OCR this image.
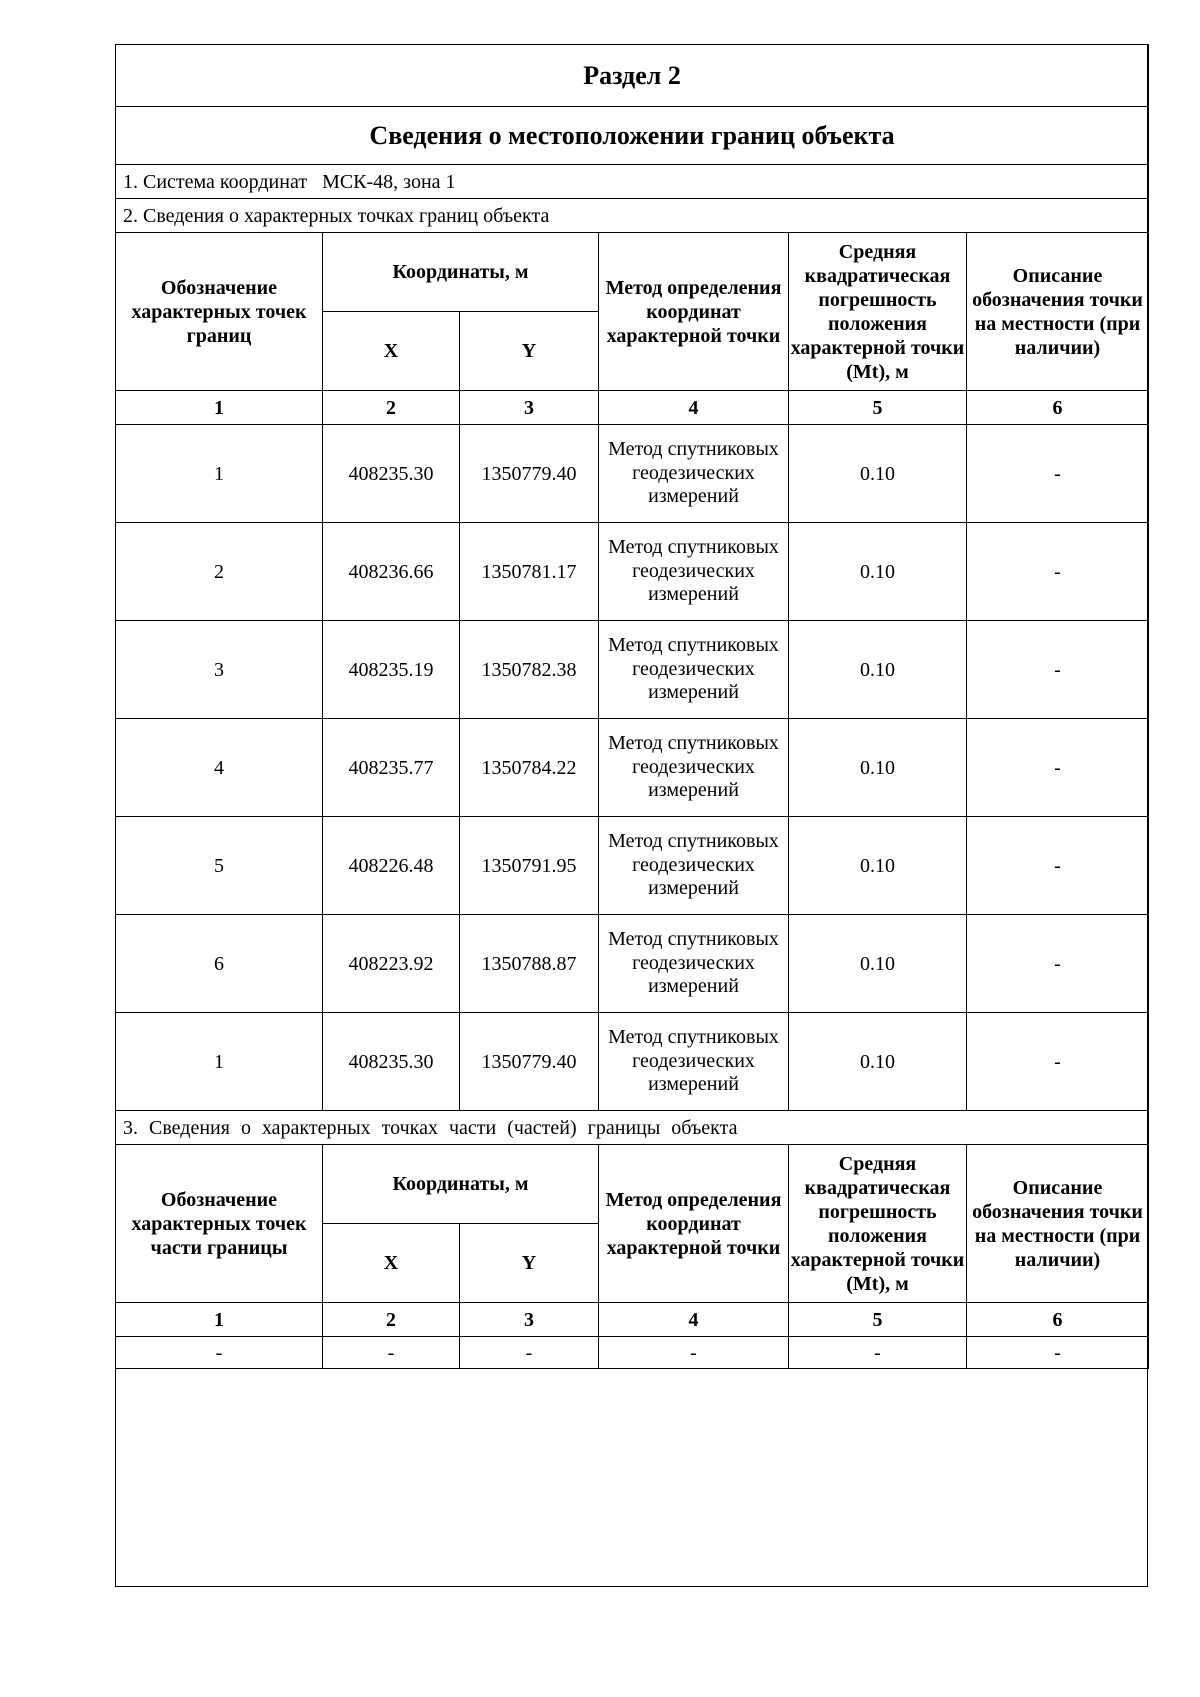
Раздел 2					
Сведения о местоположении границ объекта					
1. Система координат МСК-48, зона 1					
2. Сведения о характерных точках границ объекта					
Обозначение характерных точек границ	Координаты, м		Метод определения координат характерной точки	Средняя квадратическая погрешность положения характерной точки (Mt), м	Описание обозначения точки на местности (при наличии)
	X	Y			
1	2	3	4	5	6
1	408235.30	1350779.40	Метод спутниковых геодезических измерений	0.10	-
2	408236.66	1350781.17	Метод спутниковых геодезических измерений	0.10	-
3	408235.19	1350782.38	Метод спутниковых геодезических измерений	0.10	-
4	408235.77	1350784.22	Метод спутниковых геодезических измерений	0.10	-
5	408226.48	1350791.95	Метод спутниковых геодезических измерений	0.10	-
6	408223.92	1350788.87	Метод спутниковых геодезических измерений	0.10	-
1	408235.30	1350779.40	Метод спутниковых геодезических измерений	0.10	-
3. Сведения о характерных точках части (частей) границы объекта					
Обозначение характерных точек части границы	Координаты, м		Метод определения координат характерной точки	Средняя квадратическая погрешность положения характерной точки (Mt), м	Описание обозначения точки на местности (при наличии)
	X	Y			
1	2	3	4	5	6
-	-	-	-	-	-
